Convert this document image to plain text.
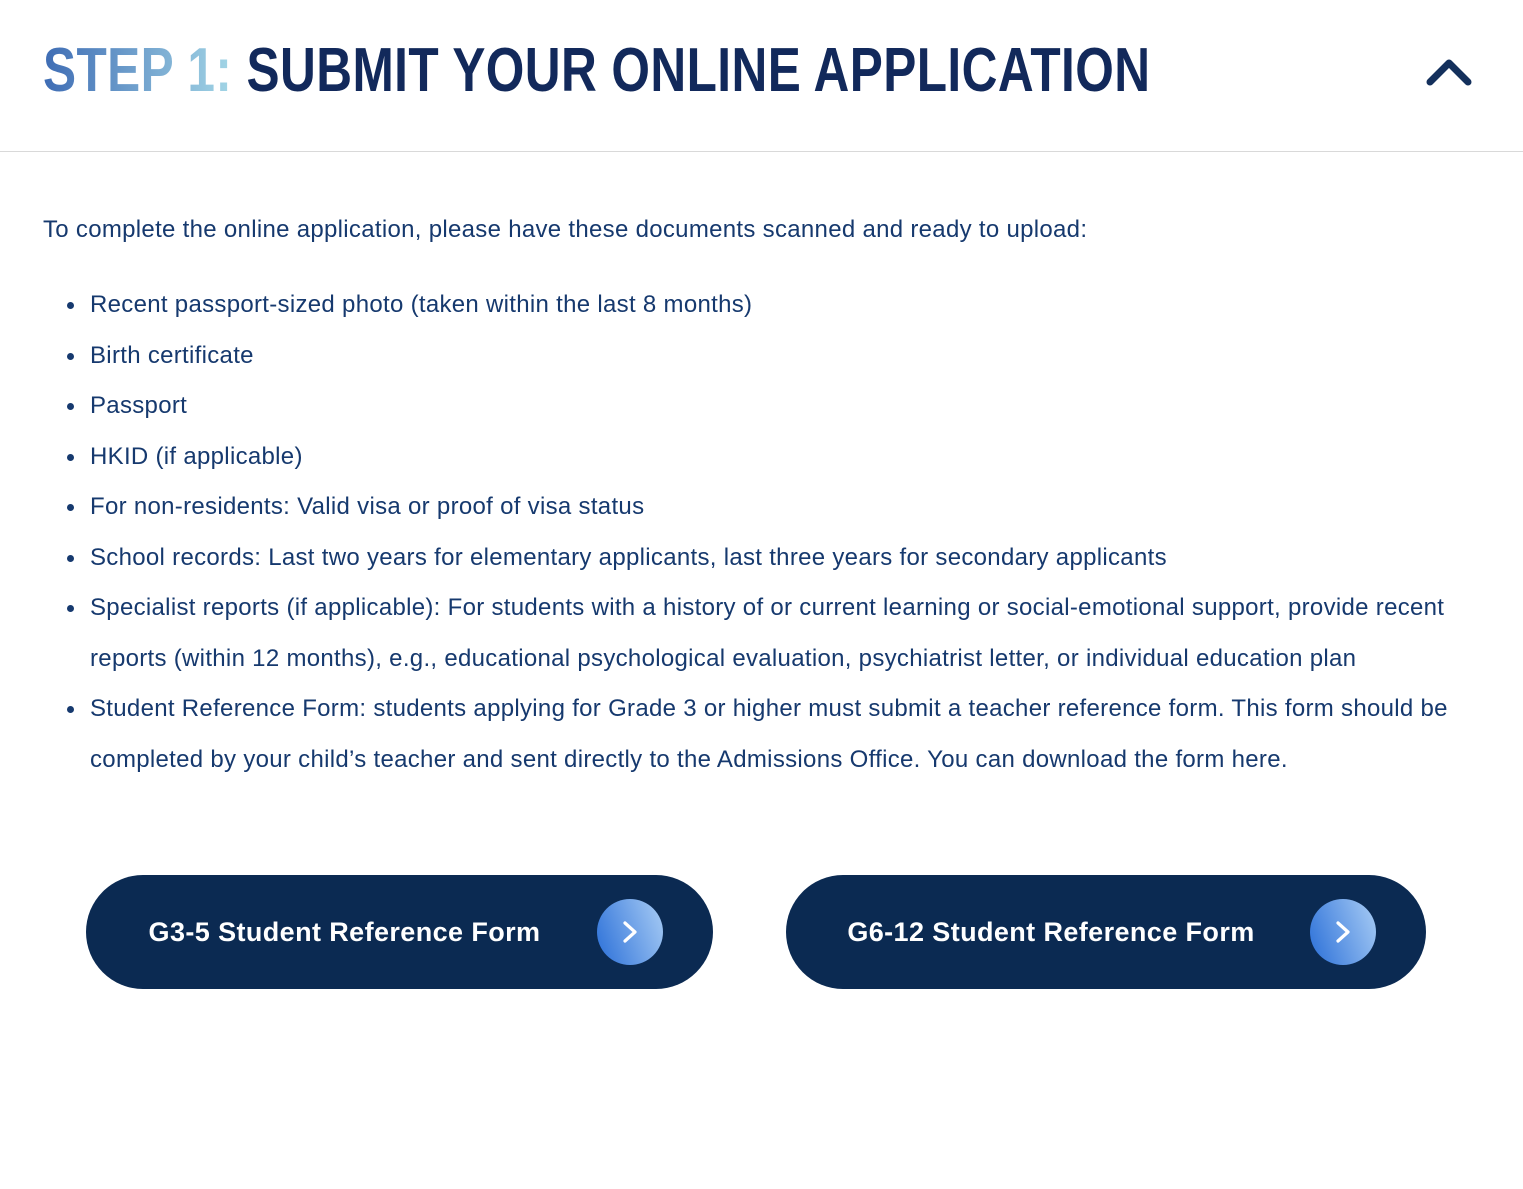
STEP 1: SUBMIT YOUR ONLINE APPLICATION

To complete the online application, please have these documents scanned and ready to upload:

Recent passport-sized photo (taken within the last 8 months)
Birth certificate
Passport
HKID (if applicable)
For non-residents: Valid visa or proof of visa status
School records: Last two years for elementary applicants, last three years for secondary applicants
Specialist reports (if applicable): For students with a history of or current learning or social-emotional support, provide recent reports (within 12 months), e.g., educational psychological evaluation, psychiatrist letter, or individual education plan
Student Reference Form: students applying for Grade 3 or higher must submit a teacher reference form. This form should be completed by your child’s teacher and sent directly to the Admissions Office. You can download the form here.
G3-5 Student Reference Form	G6-12 Student Reference Form
